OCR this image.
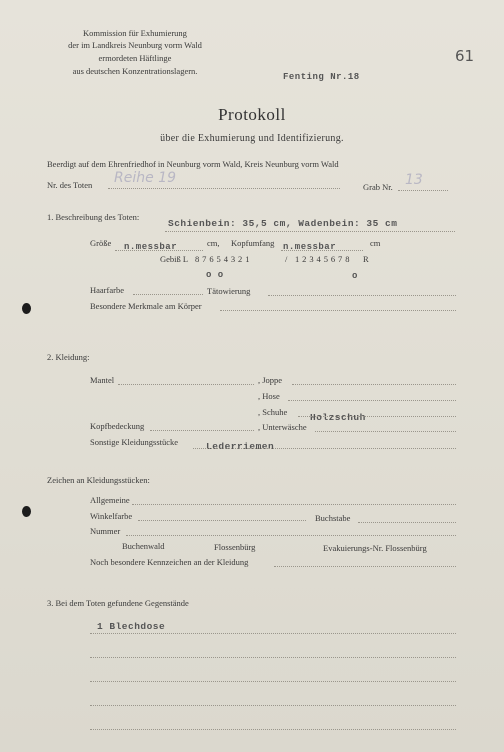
Kommission für Exhumierung
der im Landkreis Neunburg vorm Wald
ermordeten Häftlinge
aus deutschen Konzentrationslagern.
Fenting Nr.18
61
Protokoll
über die Exhumierung und Identifizierung.
Beerdigt auf dem Ehrenfriedhof in Neunburg vorm Wald, Kreis Neunburg vorm Wald
Nr. des Toten Reihe 19
Grab Nr. 13
1. Beschreibung des Toten:
Schienbein: 35,5 cm, Wadenbein: 35 cm
Größe n.messbar	cm, Kopfumfang n.messbar	cm
Gebiß L 8 7 6 5 4 3 2 1	/ 1 2 3 4 5 6 7 8 R
o o	o
Haarfarbe	Tätowierung
Besondere Merkmale am Körper
2. Kleidung:
Mantel	, Joppe
, Hose
, Schuhe Holzschuh
Kopfbedeckung	, Unterwäsche
Sonstige Kleidungsstücke	Lederriemen
Zeichen an Kleidungsstücken:
Allgemeine
Winkelfarbe	Buchstabe
Nummer
Buchenwald	Flossenbürg	Evakuierungs-Nr. Flossenbürg
Noch besondere Kennzeichen an der Kleidung
3. Bei dem Toten gefundene Gegenstände
1 Blechdose
